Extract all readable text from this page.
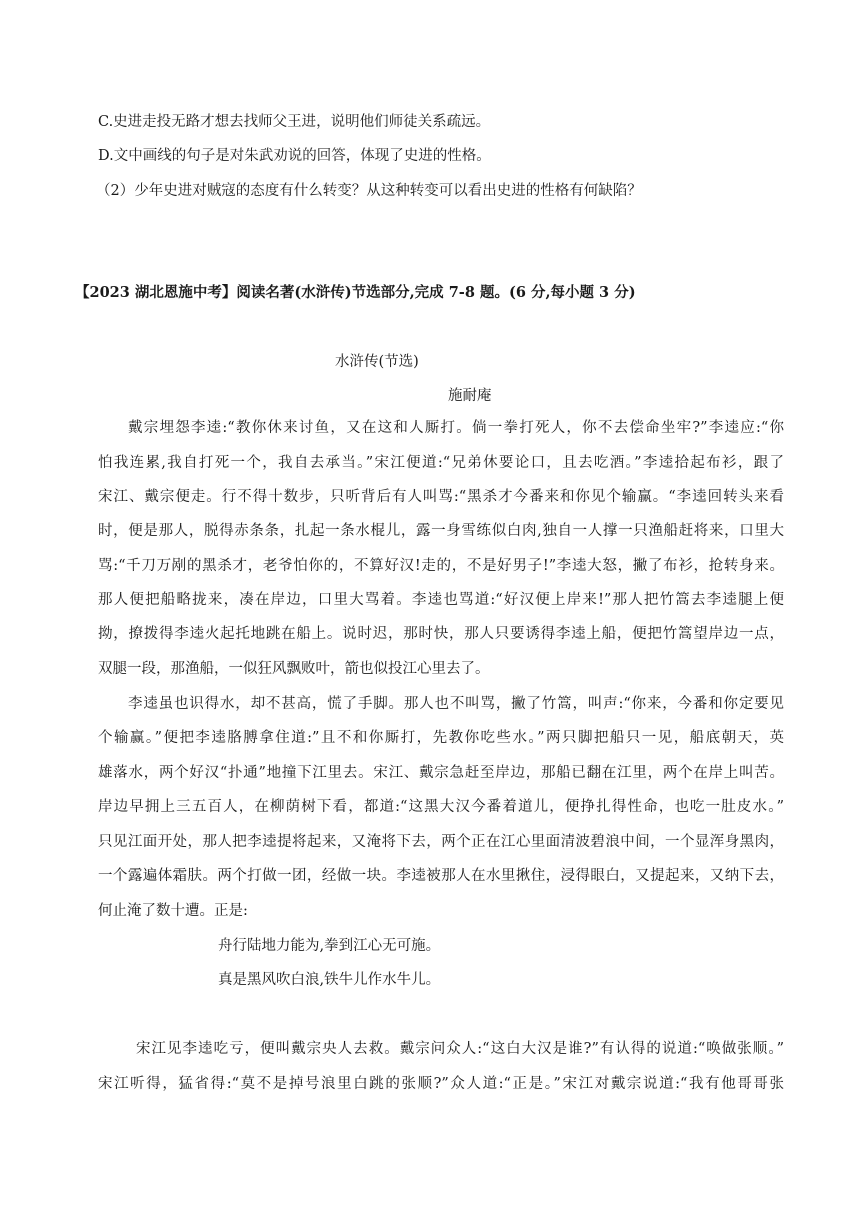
C.史进走投无路才想去找师父王进，说明他们师徒关系疏远。
D.文中画线的句子是对朱武劝说的回答，体现了史进的性格。
（2）少年史进对贼寇的态度有什么转变？从这种转变可以看出史进的性格有何缺陷？
【2023 湖北恩施中考】阅读名著(水浒传)节选部分,完成 7-8 题。(6 分,每小题 3 分)
水浒传(节选)
施耐庵
戴宗埋怨李逵:“教你休来讨鱼，又在这和人厮打。倘一拳打死人，你不去偿命坐牢?”李逵应:“你
怕我连累,我自打死一个，我自去承当。”宋江便道:“兄弟休要论口，且去吃酒。”李逵拾起布衫，跟了
宋江、戴宗便走。行不得十数步，只听背后有人叫骂:“黑杀才今番来和你见个输赢。“李逵回转头来看
时，便是那人，脱得赤条条，扎起一条水棍儿，露一身雪练似白肉,独自一人撑一只渔船赶将来，口里大
骂:“千刀万剐的黑杀才，老爷怕你的，不算好汉!走的，不是好男子!”李逵大怒，撇了布衫，抢转身来。
那人便把船略拢来，凑在岸边，口里大骂着。李逵也骂道:“好汉便上岸来!”那人把竹篙去李逵腿上便
拗，撩拨得李逵火起托地跳在船上。说时迟，那时快，那人只要诱得李逵上船，便把竹篙望岸边一点，
双腿一段，那渔船，一似狂风飘败叶，箭也似投江心里去了。
李逵虽也识得水，却不甚高，慌了手脚。那人也不叫骂，撇了竹篙，叫声:“你来，今番和你定要见
个输赢。”便把李逵胳膊拿住道:”且不和你厮打，先教你吃些水。”两只脚把船只一见，船底朝天，英
雄落水，两个好汉“扑通”地撞下江里去。宋江、戴宗急赶至岸边，那船已翻在江里，两个在岸上叫苦。
岸边早拥上三五百人，在柳荫树下看，都道:“这黑大汉今番着道儿，便挣扎得性命，也吃一肚皮水。”
只见江面开处，那人把李逵提将起来，又淹将下去，两个正在江心里面清波碧浪中间，一个显浑身黑肉，
一个露遍体霜肤。两个打做一团，经做一块。李逵被那人在水里揪住，浸得眼白，又提起来，又纳下去，
何止淹了数十遭。正是:
舟行陆地力能为,拳到江心无可施。
真是黑风吹白浪,铁牛儿作水牛儿。
宋江见李逵吃亏，便叫戴宗央人去救。戴宗问众人:“这白大汉是谁?”有认得的说道:“唤做张顺。”
宋江听得，猛省得:“莫不是掉号浪里白跳的张顺?”众人道:“正是。”宋江对戴宗说道:“我有他哥哥张
